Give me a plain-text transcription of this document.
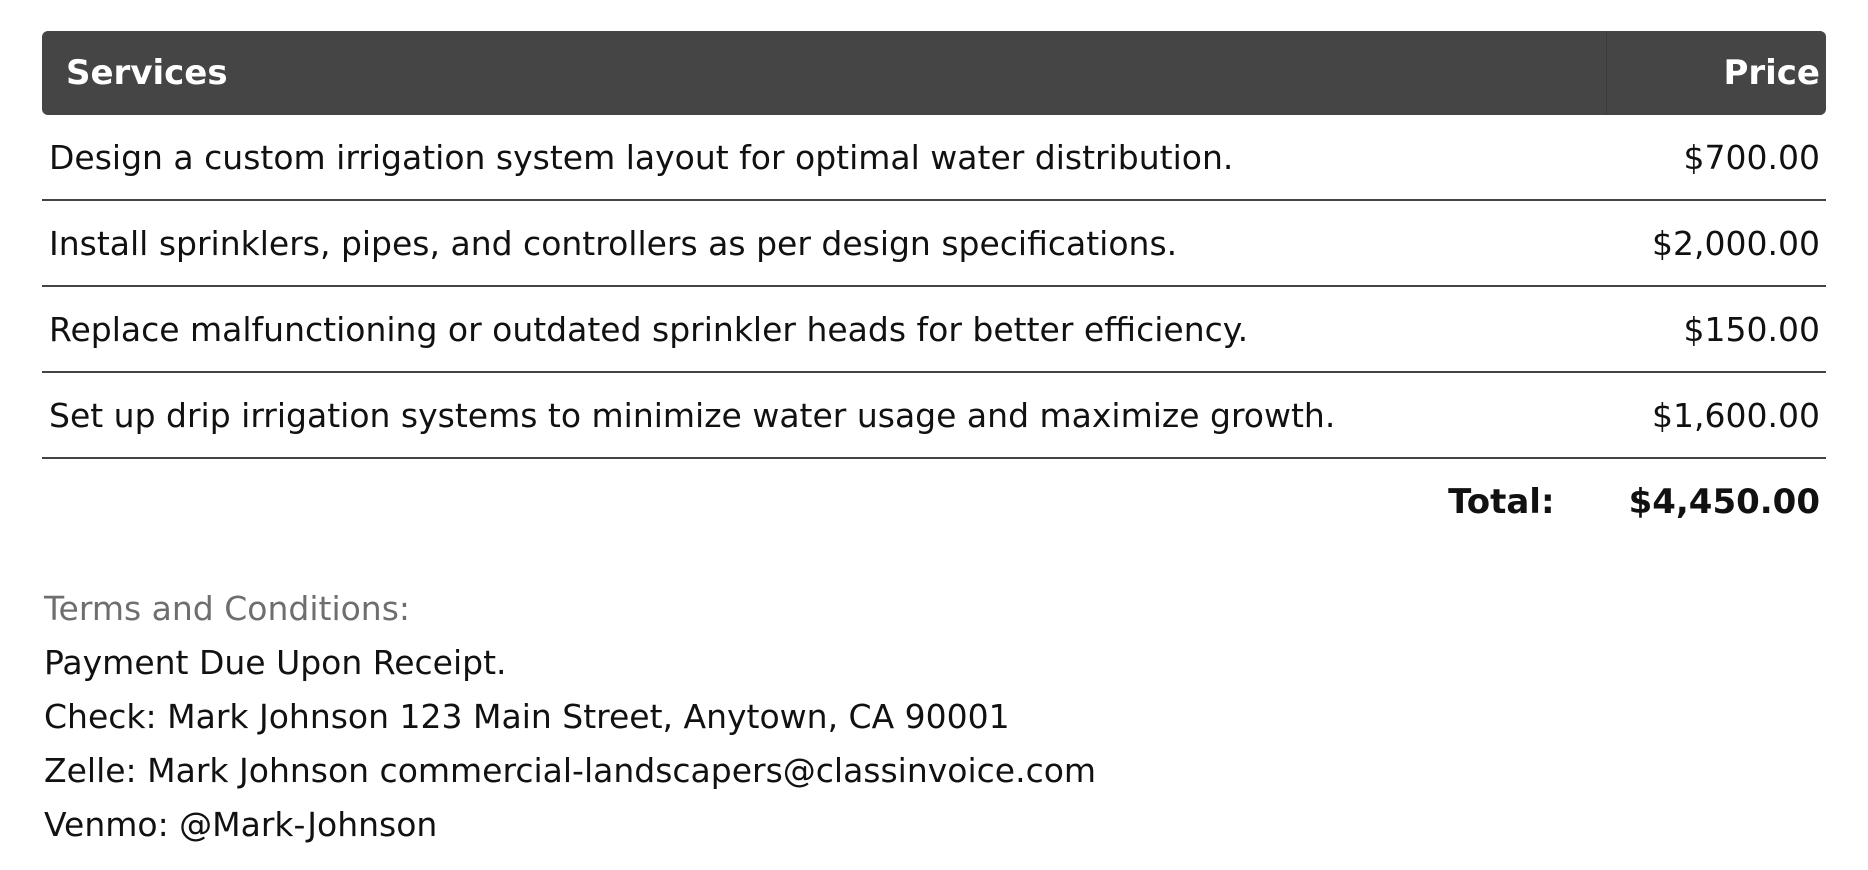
Services	Price
Design a custom irrigation system layout for optimal water distribution.	$700.00
Install sprinklers, pipes, and controllers as per design specifications.	$2,000.00
Replace malfunctioning or outdated sprinkler heads for better efficiency.	$150.00
Set up drip irrigation systems to minimize water usage and maximize growth.	$1,600.00
Total: $4,450.00
Terms and Conditions:
Payment Due Upon Receipt.
Check: Mark Johnson 123 Main Street, Anytown, CA 90001
Zelle: Mark Johnson commercial-landscapers@classinvoice.com
Venmo: @Mark-Johnson
